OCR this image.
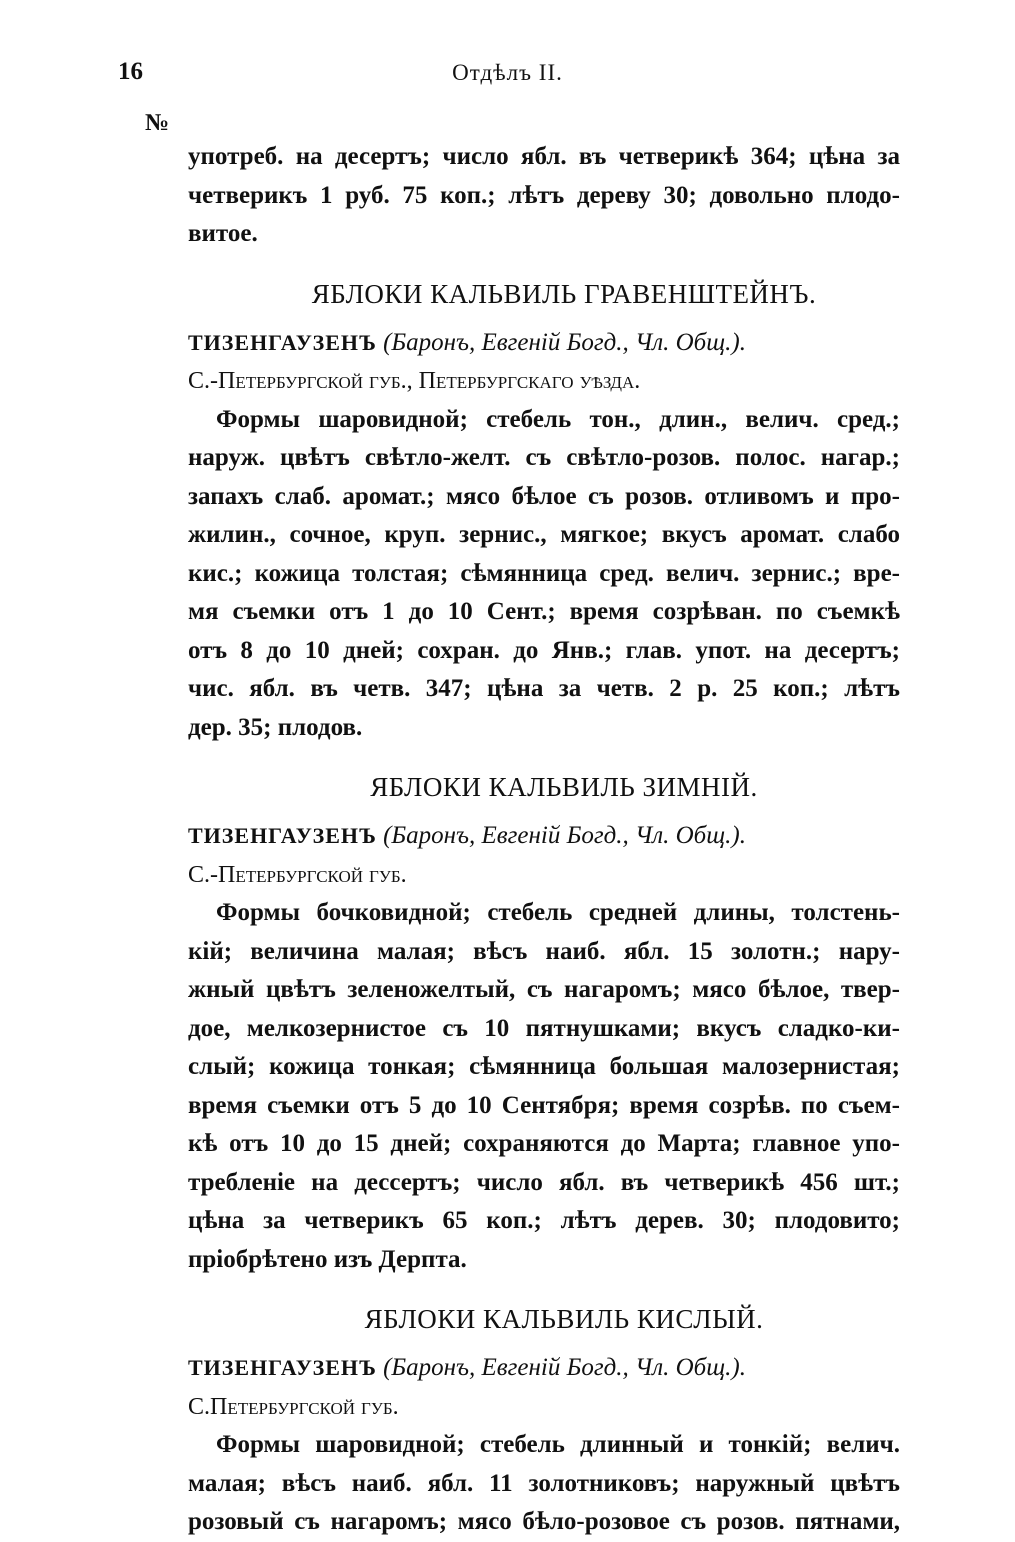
16	Отдѣлъ II.
№
употреб. на десертъ; число ябл. въ четверикѣ 364; цѣна за
четверикъ 1 руб. 75 коп.; лѣтъ дереву 30; довольно плодо-
витое.
ЯБЛОКИ КАЛЬВИЛЬ ГРАВЕНШТЕЙНЪ.
ТИЗЕНГАУЗЕНЪ (Баронъ, Евгеній Богд., Чл. Общ.).
С.-Петербургской губ., Петербургскаго уѣзда.
Формы шаровидной; стебель тон., длин., велич. сред.;
наруж. цвѣтъ свѣтло-желт. съ свѣтло-розов. полос. нагар.;
запахъ слаб. аромат.; мясо бѣлое съ розов. отливомъ и про-
жилин., сочное, круп. зернис., мягкое; вкусъ аромат. слабо
кис.; кожица толстая; сѣмянница сред. велич. зернис.; вре-
мя съемки отъ 1 до 10 Сент.; время созрѣван. по съемкѣ
отъ 8 до 10 дней; сохран. до Янв.; глав. упот. на десертъ;
чис. ябл. въ четв. 347; цѣна за четв. 2 р. 25 коп.; лѣтъ
дер. 35; плодов.
ЯБЛОКИ КАЛЬВИЛЬ ЗИМНІЙ.
ТИЗЕНГАУЗЕНЪ (Баронъ, Евгеній Богд., Чл. Общ.).
С.-Петербургской губ.
Формы бочковидной; стебель средней длины, толстень-
кій; величина малая; вѣсъ наиб. ябл. 15 золотн.; нару-
жный цвѣтъ зеленожелтый, съ нагаромъ; мясо бѣлое, твер-
дое, мелкозернистое съ 10 пятнушками; вкусъ сладко-ки-
слый; кожица тонкая; сѣмянница большая малозернистая;
время съемки отъ 5 до 10 Сентября; время созрѣв. по съем-
кѣ отъ 10 до 15 дней; сохраняются до Марта; главное упо-
требленіе на дессертъ; число ябл. въ четверикѣ 456 шт.;
цѣна за четверикъ 65 коп.; лѣтъ дерев. 30; плодовито;
пріобрѣтено изъ Дерпта.
ЯБЛОКИ КАЛЬВИЛЬ КИСЛЫЙ.
ТИЗЕНГАУЗЕНЪ (Баронъ, Евгеній Богд., Чл. Общ.).
С.Петербургской губ.
Формы шаровидной; стебель длинный и тонкій; велич.
малая; вѣсъ наиб. ябл. 11 золотниковъ; наружный цвѣтъ
розовый съ нагаромъ; мясо бѣло-розовое съ розов. пятнами,
